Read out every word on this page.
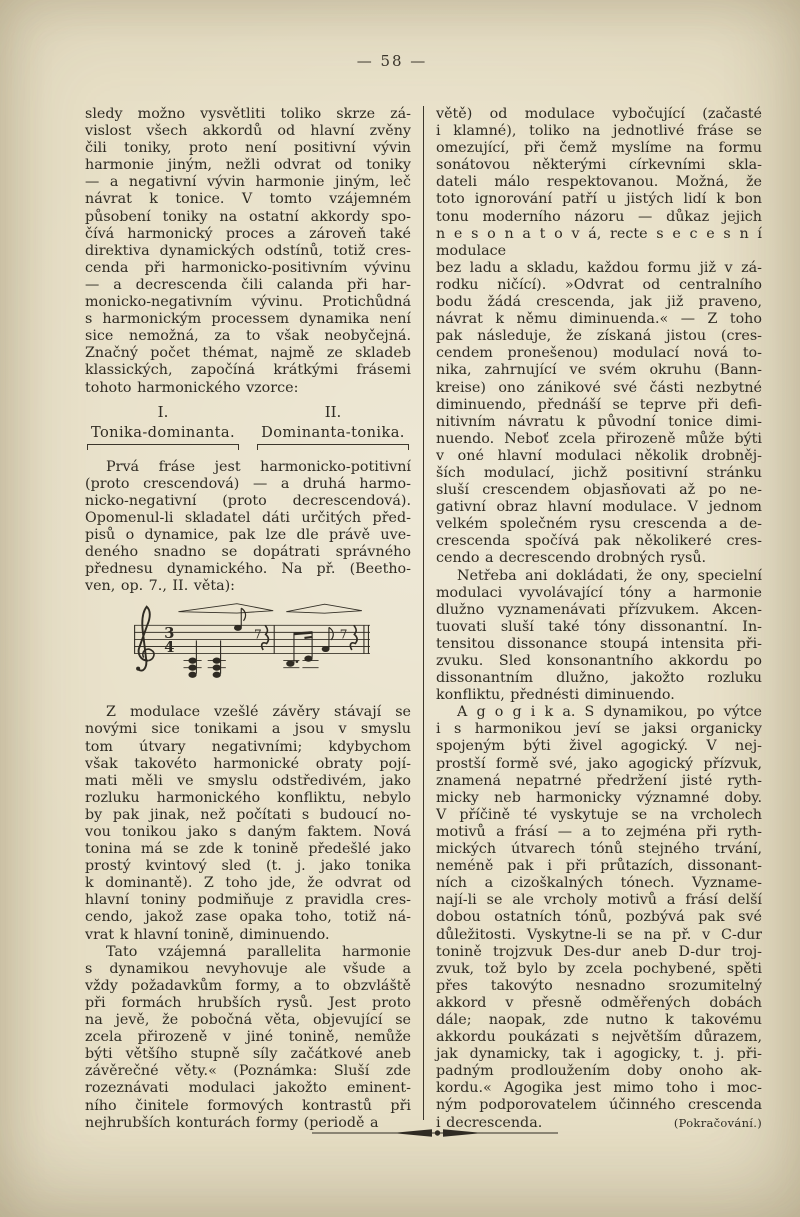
— 58 —
sledy možno vysvětliti toliko skrze zá-
vislost všech akkordů od hlavní zvěny
čili toniky, proto není positivní vývin
harmonie jiným, nežli odvrat od toniky
— a negativní vývin harmonie jiným, leč
návrat k tonice. V tomto vzájemném
působení toniky na ostatní akkordy spo-
čívá harmonický proces a zároveň také
direktiva dynamických odstínů, totiž cres-
cenda při harmonicko-positivním vývinu
— a decrescenda čili calanda při har-
monicko-negativním vývinu. Protichůdná
s harmonickým processem dynamika není
sice nemožná, za to však neobyčejná.
Značný počet thémat, najmě ze skladeb
klassických, započíná krátkými frásemi
tohoto harmonického vzorce:
I.
Tonika-dominanta.
II.
Dominanta-tonika.
Prvá fráse jest harmonicko-potitivní
(proto crescendová) — a druhá harmo-
nicko-negativní (proto decrescendová).
Opomenul-li skladatel dáti určitých před-
pisů o dynamice, pak lze dle právě uve-
deného snadno se dopátrati správného
přednesu dynamického. Na př. (Beetho-
ven, op. 7., II. věta):
3
4
7	7
Z modulace vzešlé závěry stávají se
novými sice tonikami a jsou v smyslu
tom útvary negativními; kdybychom
však takovéto harmonické obraty pojí-
mati měli ve smyslu odstředivém, jako
rozluku harmonického konfliktu, nebylo
by pak jinak, než počítati s budoucí no-
vou tonikou jako s daným faktem. Nová
tonina má se zde k tonině předešlé jako
prostý kvintový sled (t. j. jako tonika
k dominantě). Z toho jde, že odvrat od
hlavní toniny podmiňuje z pravidla cres-
cendo, jakož zase opaka toho, totiž ná-
vrat k hlavní tonině, diminuendo.
Tato vzájemná parallelita harmonie
s dynamikou nevyhovuje ale všude a
vždy požadavkům formy, a to obzvláště
při formách hrubších rysů. Jest proto
na jevě, že pobočná věta, objevující se
zcela přirozeně v jiné tonině, nemůže
býti většího stupně síly začátkové aneb
závěrečné věty.« (Poznámka: Sluší zde
rozeznávati modulaci jakožto eminent-
ního činitele formových kontrastů při
nejhrubších konturách formy (periodě a
větě) od modulace vybočující (začasté
i klamné), toliko na jednotlivé fráse se
omezující, při čemž myslíme na formu
sonátovou některými církevními skla-
dateli málo respektovanou. Možná, že
toto ignorování patří u jistých lidí k bon
tonu moderního názoru — důkaz jejich
n e s o n a t o v á, recte s e c e s n í modulace
bez ladu a skladu, každou formu již v zá-
rodku ničící). »Odvrat od centralního
bodu žádá crescenda, jak již praveno,
návrat k němu diminuenda.« — Z toho
pak následuje, že získaná jistou (cres-
cendem pronešenou) modulací nová to-
nika, zahrnující ve svém okruhu (Bann-
kreise) ono zánikové své části nezbytné
diminuendo, přednáší se teprve při defi-
nitivním návratu k původní tonice dimi-
nuendo. Neboť zcela přirozeně může býti
v oné hlavní modulaci několik drobněj-
ších modulací, jichž positivní stránku
sluší crescendem objasňovati až po ne-
gativní obraz hlavní modulace. V jednom
velkém společném rysu crescenda a de-
crescenda spočívá pak několikeré cres-
cendo a decrescendo drobných rysů.
Netřeba ani dokládati, že ony, specielní
modulaci vyvolávající tóny a harmonie
dlužno vyznamenávati přízvukem. Akcen-
tuovati sluší také tóny dissonantní. In-
tensitou dissonance stoupá intensita při-
zvuku. Sled konsonantního akkordu po
dissonantním dlužno, jakožto rozluku
konfliktu, přednésti diminuendo.
A g o g i k a. S dynamikou, po výtce
i s harmonikou jeví se jaksi organicky
spojeným býti živel agogický. V nej-
prostší formě své, jako agogický přízvuk,
znamená nepatrné předržení jisté ryth-
micky neb harmonicky významné doby.
V příčině té vyskytuje se na vrcholech
motivů a frásí — a to zejména při ryth-
mických útvarech tónů stejného trvání,
neméně pak i při průtazích, dissonant-
ních a cizoškalných tónech. Vyzname-
nají-li se ale vrcholy motivů a frásí delší
dobou ostatních tónů, pozbývá pak své
důležitosti. Vyskytne-li se na př. v C-dur
tonině trojzvuk Des-dur aneb D-dur troj-
zvuk, tož bylo by zcela pochybené, spěti
přes takovýto nesnadno srozumitelný
akkord v přesně odměřených dobách
dále; naopak, zde nutno k takovému
akkordu poukázati s největším důrazem,
jak dynamicky, tak i agogicky, t. j. při-
padným prodloužením doby onoho ak-
kordu.« Agogika jest mimo toho i moc-
ným podporovatelem účinného crescenda
i decrescenda.	(Pokračování.)
